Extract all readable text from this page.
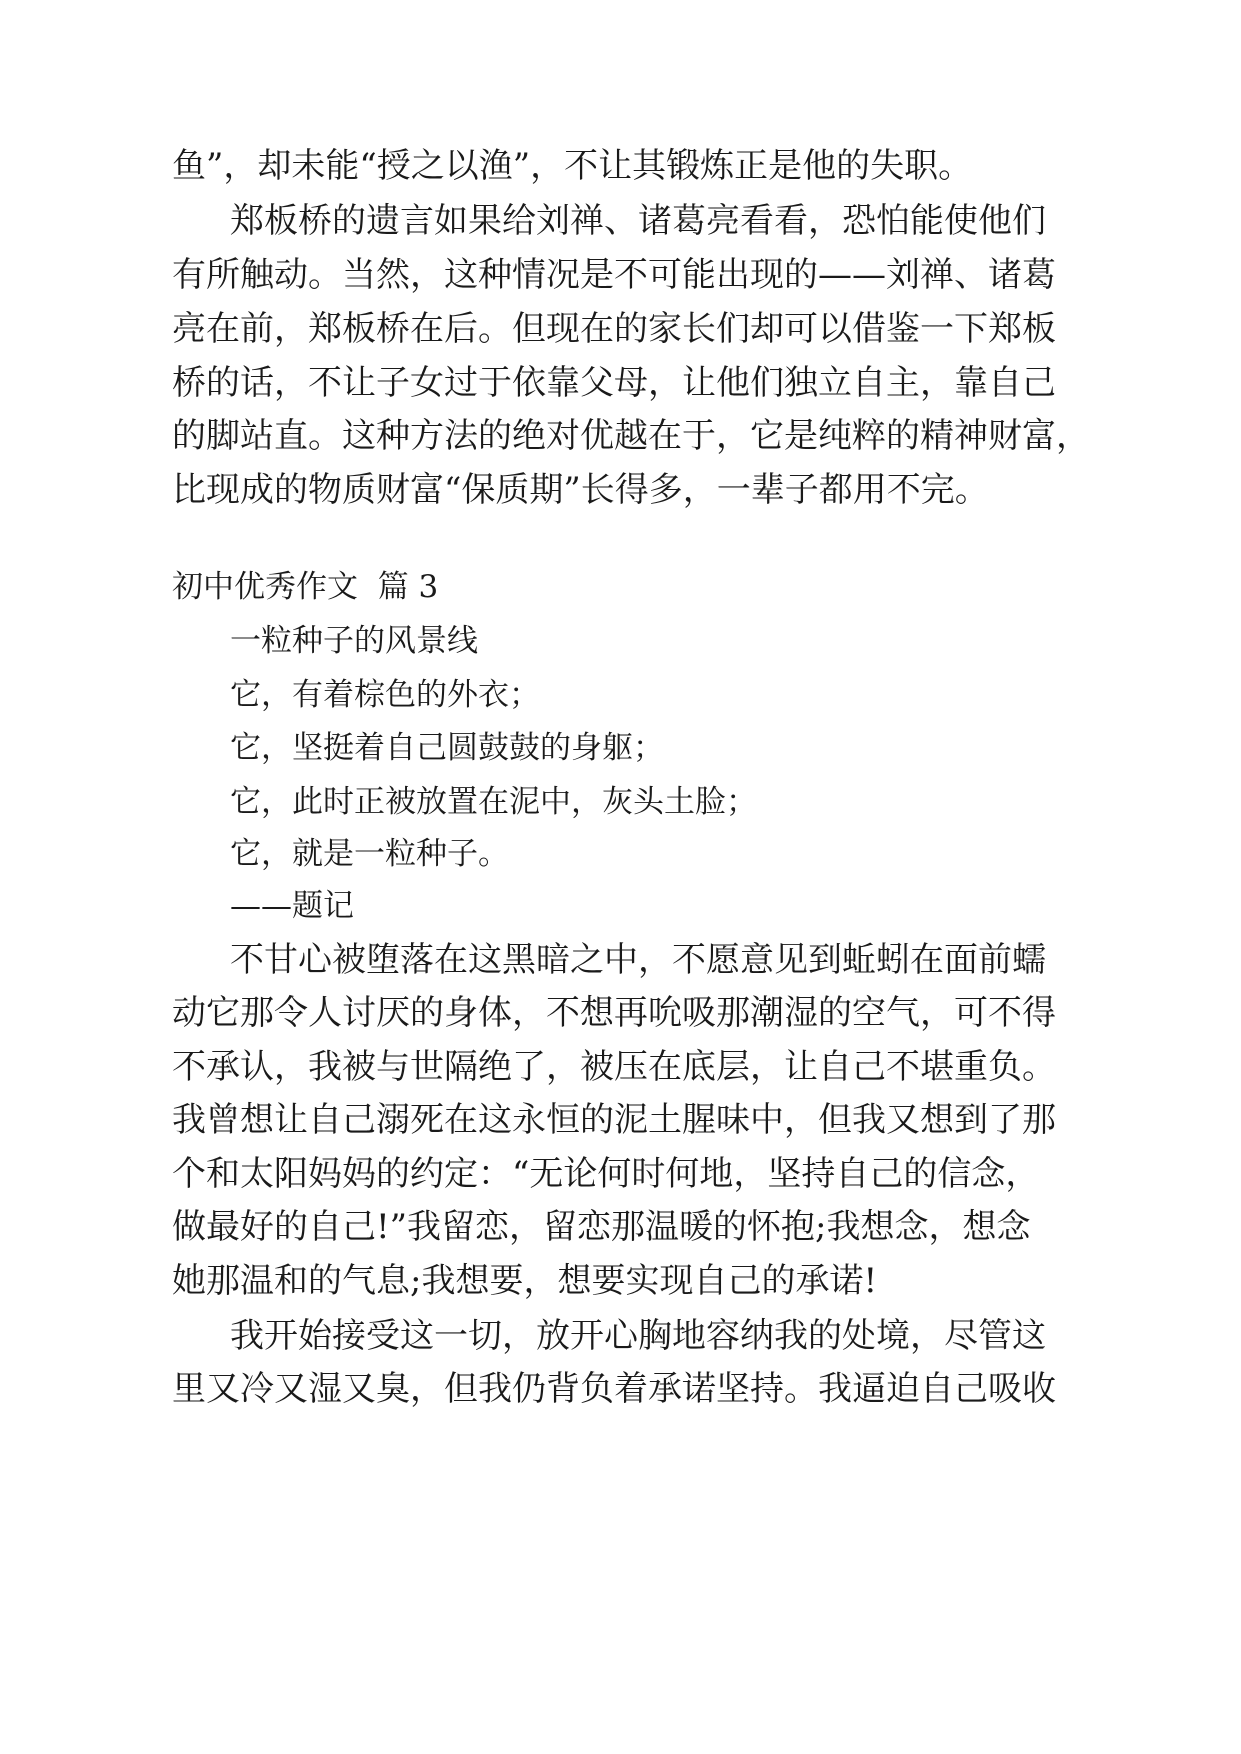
鱼”，却未能“授之以渔”，不让其锻炼正是他的失职。
郑板桥的遗言如果给刘禅、诸葛亮看看，恐怕能使他们
有所触动。当然，这种情况是不可能出现的——刘禅、诸葛
亮在前，郑板桥在后。但现在的家长们却可以借鉴一下郑板
桥的话，不让子女过于依靠父母，让他们独立自主，靠自己
的脚站直。这种方法的绝对优越在于，它是纯粹的精神财富，
比现成的物质财富“保质期”长得多，一辈子都用不完。
初中优秀作文  篇 3
一粒种子的风景线
它，有着棕色的外衣；
它，坚挺着自己圆鼓鼓的身躯；
它，此时正被放置在泥中，灰头土脸；
它，就是一粒种子。
——题记
不甘心被堕落在这黑暗之中，不愿意见到蚯蚓在面前蠕
动它那令人讨厌的身体，不想再吮吸那潮湿的空气，可不得
不承认，我被与世隔绝了，被压在底层，让自己不堪重负。
我曾想让自己溺死在这永恒的泥土腥味中，但我又想到了那
个和太阳妈妈的约定：“无论何时何地，坚持自己的信念，
做最好的自己!”我留恋，留恋那温暖的怀抱;我想念，想念
她那温和的气息;我想要，想要实现自己的承诺!
我开始接受这一切，放开心胸地容纳我的处境，尽管这
里又冷又湿又臭，但我仍背负着承诺坚持。我逼迫自己吸收
